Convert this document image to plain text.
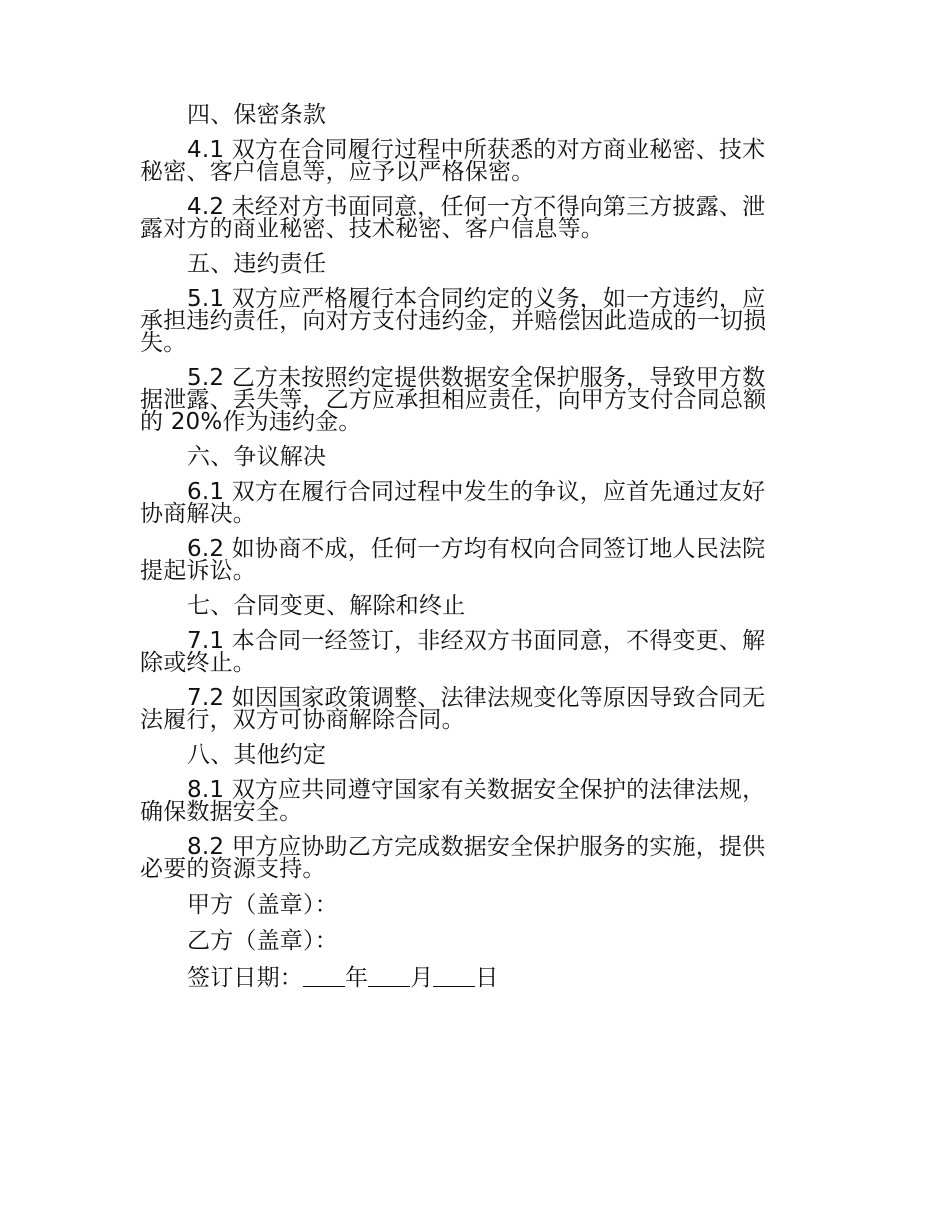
四、保密条款
4.1 双方在合同履行过程中所获悉的对方商业秘密、技术
秘密、客户信息等，应予以严格保密。
4.2 未经对方书面同意，任何一方不得向第三方披露、泄
露对方的商业秘密、技术秘密、客户信息等。
五、违约责任
5.1 双方应严格履行本合同约定的义务，如一方违约，应
承担违约责任，向对方支付违约金，并赔偿因此造成的一切损
失。
5.2 乙方未按照约定提供数据安全保护服务，导致甲方数
据泄露、丢失等，乙方应承担相应责任，向甲方支付合同总额
的 20%作为违约金。
六、争议解决
6.1 双方在履行合同过程中发生的争议，应首先通过友好
协商解决。
6.2 如协商不成，任何一方均有权向合同签订地人民法院
提起诉讼。
七、合同变更、解除和终止
7.1 本合同一经签订，非经双方书面同意，不得变更、解
除或终止。
7.2 如因国家政策调整、法律法规变化等原因导致合同无
法履行，双方可协商解除合同。
八、其他约定
8.1 双方应共同遵守国家有关数据安全保护的法律法规，
确保数据安全。
8.2 甲方应协助乙方完成数据安全保护服务的实施，提供
必要的资源支持。
甲方（盖章）：
乙方（盖章）：
签订日期： 年 月 日
